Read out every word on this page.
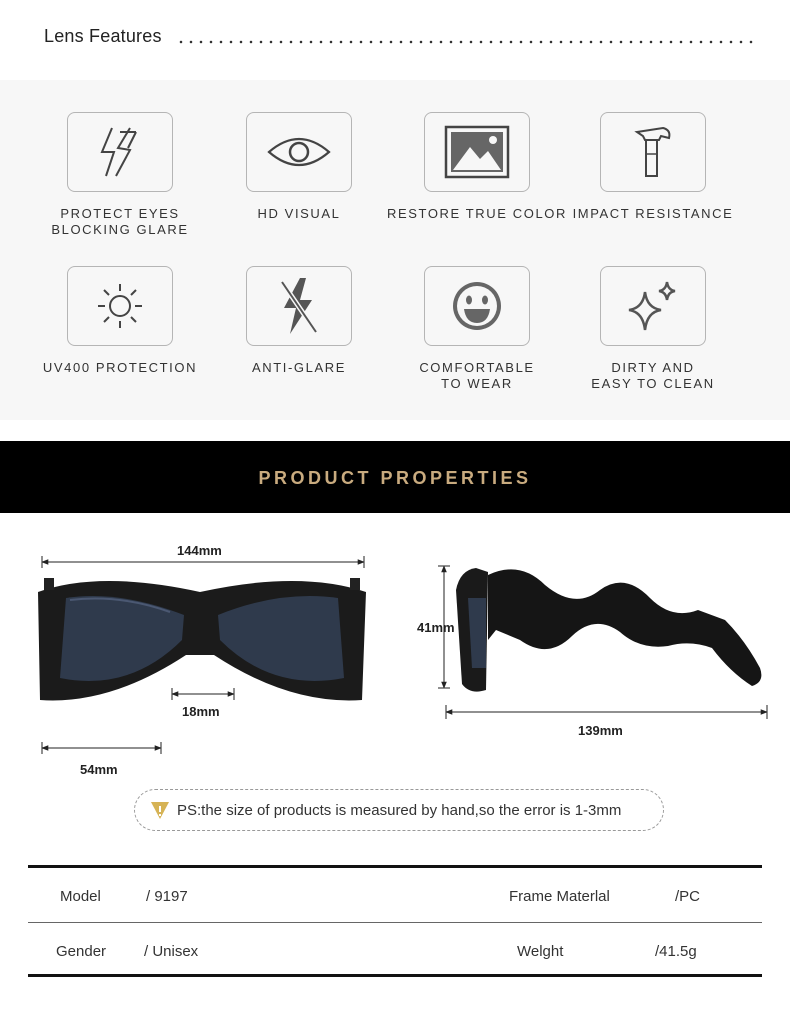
Lens Features
PROTECT EYES
BLOCKING GLARE
HD VISUAL	RESTORE TRUE COLOR IMPACT RESISTANCE
UV400 PROTECTION	ANTI-GLARE	COMFORTABLE
TO WEAR
DIRTY AND
EASY TO CLEAN
PRODUCT PROPERTIES
144mm
18mm
54mm
41mm
139mm
PS:the size of products is measured by hand,so the error is 1-3mm
Model	/ 9197	Frame Materlal	/PC
Gender	/ Unisex	Welght	/41.5g
